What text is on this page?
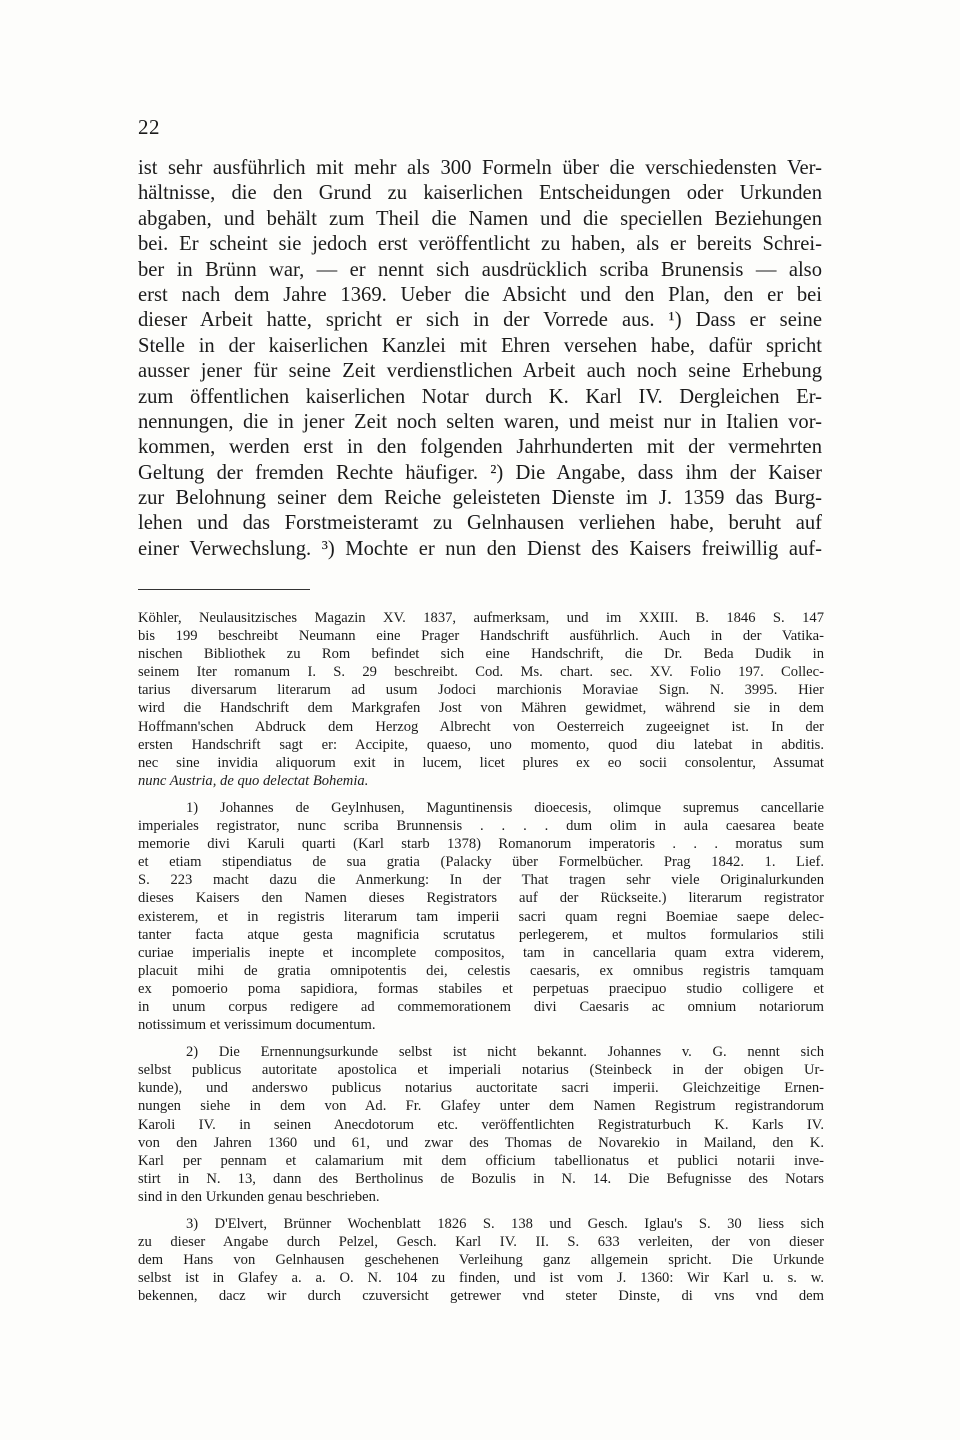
22
ist sehr ausführlich mit mehr als 300 Formeln über die verschiedensten Ver-
hältnisse, die den Grund zu kaiserlichen Entscheidungen oder Urkunden
abgaben, und behält zum Theil die Namen und die speciellen Beziehungen
bei. Er scheint sie jedoch erst veröffentlicht zu haben, als er bereits Schrei-
ber in Brünn war, — er nennt sich ausdrücklich scriba Brunensis — also
erst nach dem Jahre 1369. Ueber die Absicht und den Plan, den er bei
dieser Arbeit hatte, spricht er sich in der Vorrede aus. ¹) Dass er seine
Stelle in der kaiserlichen Kanzlei mit Ehren versehen habe, dafür spricht
ausser jener für seine Zeit verdienstlichen Arbeit auch noch seine Erhebung
zum öffentlichen kaiserlichen Notar durch K. Karl IV. Dergleichen Er-
nennungen, die in jener Zeit noch selten waren, und meist nur in Italien vor-
kommen, werden erst in den folgenden Jahrhunderten mit der vermehrten
Geltung der fremden Rechte häufiger. ²) Die Angabe, dass ihm der Kaiser
zur Belohnung seiner dem Reiche geleisteten Dienste im J. 1359 das Burg-
lehen und das Forstmeisteramt zu Gelnhausen verliehen habe, beruht auf
einer Verwechslung. ³) Mochte er nun den Dienst des Kaisers freiwillig auf-
Köhler, Neulausitzisches Magazin XV. 1837, aufmerksam, und im XXIII. B. 1846 S. 147
bis 199 beschreibt Neumann eine Prager Handschrift ausführlich. Auch in der Vatika-
nischen Bibliothek zu Rom befindet sich eine Handschrift, die Dr. Beda Dudik in
seinem Iter romanum I. S. 29 beschreibt. Cod. Ms. chart. sec. XV. Folio 197. Collec-
tarius diversarum literarum ad usum Jodoci marchionis Moraviae Sign. N. 3995. Hier
wird die Handschrift dem Markgrafen Jost von Mähren gewidmet, während sie in dem
Hoffmann'schen Abdruck dem Herzog Albrecht von Oesterreich zugeeignet ist. In der
ersten Handschrift sagt er: Accipite, quaeso, uno momento, quod diu latebat in abditis.
nec sine invidia aliquorum exit in lucem, licet plures ex eo socii consolentur, Assumat
nunc Austria, de quo delectat Bohemia.
1) Johannes de Geylnhusen, Maguntinensis dioecesis, olimque supremus cancellarie
imperiales registrator, nunc scriba Brunnensis . . . . dum olim in aula caesarea beate
memorie divi Karuli quarti (Karl starb 1378) Romanorum imperatoris . . . moratus sum
et etiam stipendiatus de sua gratia (Palacky über Formelbücher. Prag 1842. 1. Lief.
S. 223 macht dazu die Anmerkung: In der That tragen sehr viele Originalurkunden
dieses Kaisers den Namen dieses Registrators auf der Rückseite.) literarum registrator
existerem, et in registris literarum tam imperii sacri quam regni Boemiae saepe delec-
tanter facta atque gesta magnificia scrutatus perlegerem, et multos formularios stili
curiae imperialis inepte et incomplete compositos, tam in cancellaria quam extra viderem,
placuit mihi de gratia omnipotentis dei, celestis caesaris, ex omnibus registris tamquam
ex pomoerio poma sapidiora, formas stabiles et perpetuas praecipuo studio colligere et
in unum corpus redigere ad commemorationem divi Caesaris ac omnium notariorum
notissimum et verissimum documentum.
2) Die Ernennungsurkunde selbst ist nicht bekannt. Johannes v. G. nennt sich
selbst publicus autoritate apostolica et imperiali notarius (Steinbeck in der obigen Ur-
kunde), und anderswo publicus notarius auctoritate sacri imperii. Gleichzeitige Ernen-
nungen siehe in dem von Ad. Fr. Glafey unter dem Namen Registrum registrandorum
Karoli IV. in seinen Anecdotorum etc. veröffentlichten Registraturbuch K. Karls IV.
von den Jahren 1360 und 61, und zwar des Thomas de Novarekio in Mailand, den K.
Karl per pennam et calamarium mit dem officium tabellionatus et publici notarii inve-
stirt in N. 13, dann des Bertholinus de Bozulis in N. 14. Die Befugnisse des Notars
sind in den Urkunden genau beschrieben.
3) D'Elvert, Brünner Wochenblatt 1826 S. 138 und Gesch. Iglau's S. 30 liess sich
zu dieser Angabe durch Pelzel, Gesch. Karl IV. II. S. 633 verleiten, der von dieser
dem Hans von Gelnhausen geschehenen Verleihung ganz allgemein spricht. Die Urkunde
selbst ist in Glafey a. a. O. N. 104 zu finden, und ist vom J. 1360: Wir Karl u. s. w.
bekennen, dacz wir durch czuversicht getrewer vnd steter Dinste, di vns vnd dem
